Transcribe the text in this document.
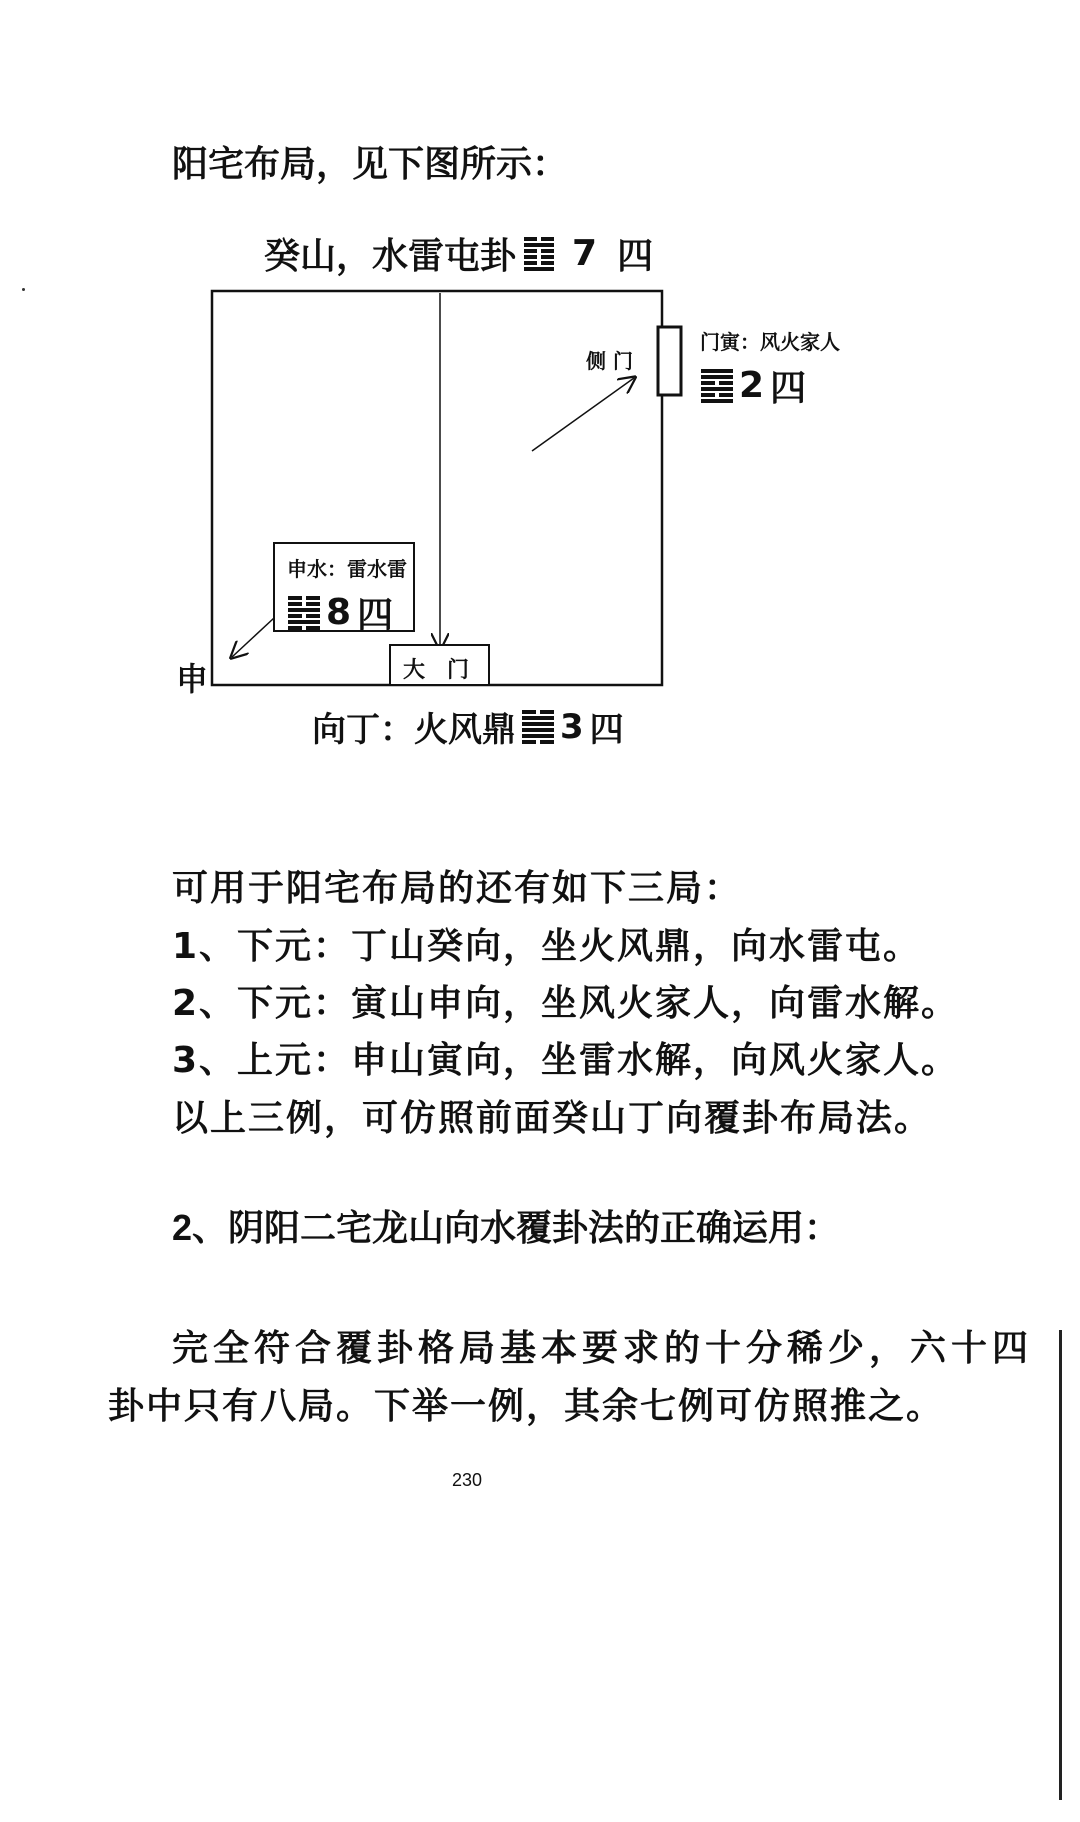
阳宅布局，见下图所示：
癸山，水雷屯卦 7 四
侧 门
门寅：风火家人
2 四
申水：雷水雷
8 四
大　门
申
向丁：火风鼎 3 四
可用于阳宅布局的还有如下三局：
1、下元：丁山癸向，坐火风鼎，向水雷屯。
2、下元：寅山申向，坐风火家人，向雷水解。
3、上元：申山寅向，坐雷水解，向风火家人。
以上三例，可仿照前面癸山丁向覆卦布局法。
2、阴阳二宅龙山向水覆卦法的正确运用：
完全符合覆卦格局基本要求的十分稀少，六十四
卦中只有八局。下举一例，其余七例可仿照推之。
230
